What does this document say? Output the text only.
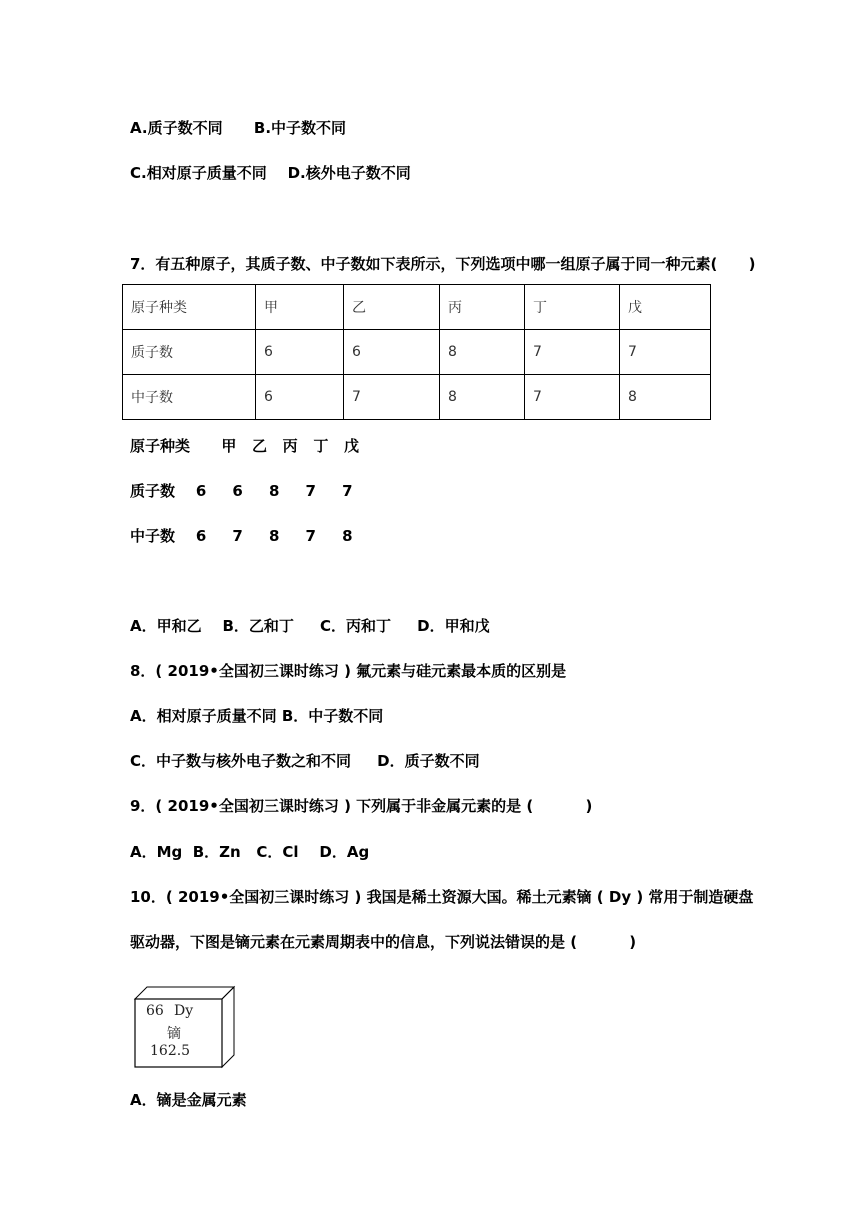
A.质子数不同      B.中子数不同
C.相对原子质量不同    D.核外电子数不同
7．有五种原子，其质子数、中子数如下表所示，下列选项中哪一组原子属于同一种元素(      )
原子种类	甲	乙	丙	丁	戊
质子数	6	6	8	7	7
中子数	6	7	8	7	8
原子种类      甲   乙   丙   丁   戊
质子数    6     6     8     7     7
中子数    6     7     8     7     8
A．甲和乙    B．乙和丁     C．丙和丁     D．甲和戊
8．( 2019•全国初三课时练习 ) 氟元素与硅元素最本质的区别是
A．相对原子质量不同 B．中子数不同
C．中子数与核外电子数之和不同     D．质子数不同
9．( 2019•全国初三课时练习 ) 下列属于非金属元素的是 (          )
A．Mg  B．Zn   C．Cl    D．Ag
10．( 2019•全国初三课时练习 ) 我国是稀土资源大国。稀土元素镝 ( Dy ) 常用于制造硬盘
驱动器，下图是镝元素在元素周期表中的信息，下列说法错误的是 (          )
66 Dy
镝
162.5
A．镝是金属元素
